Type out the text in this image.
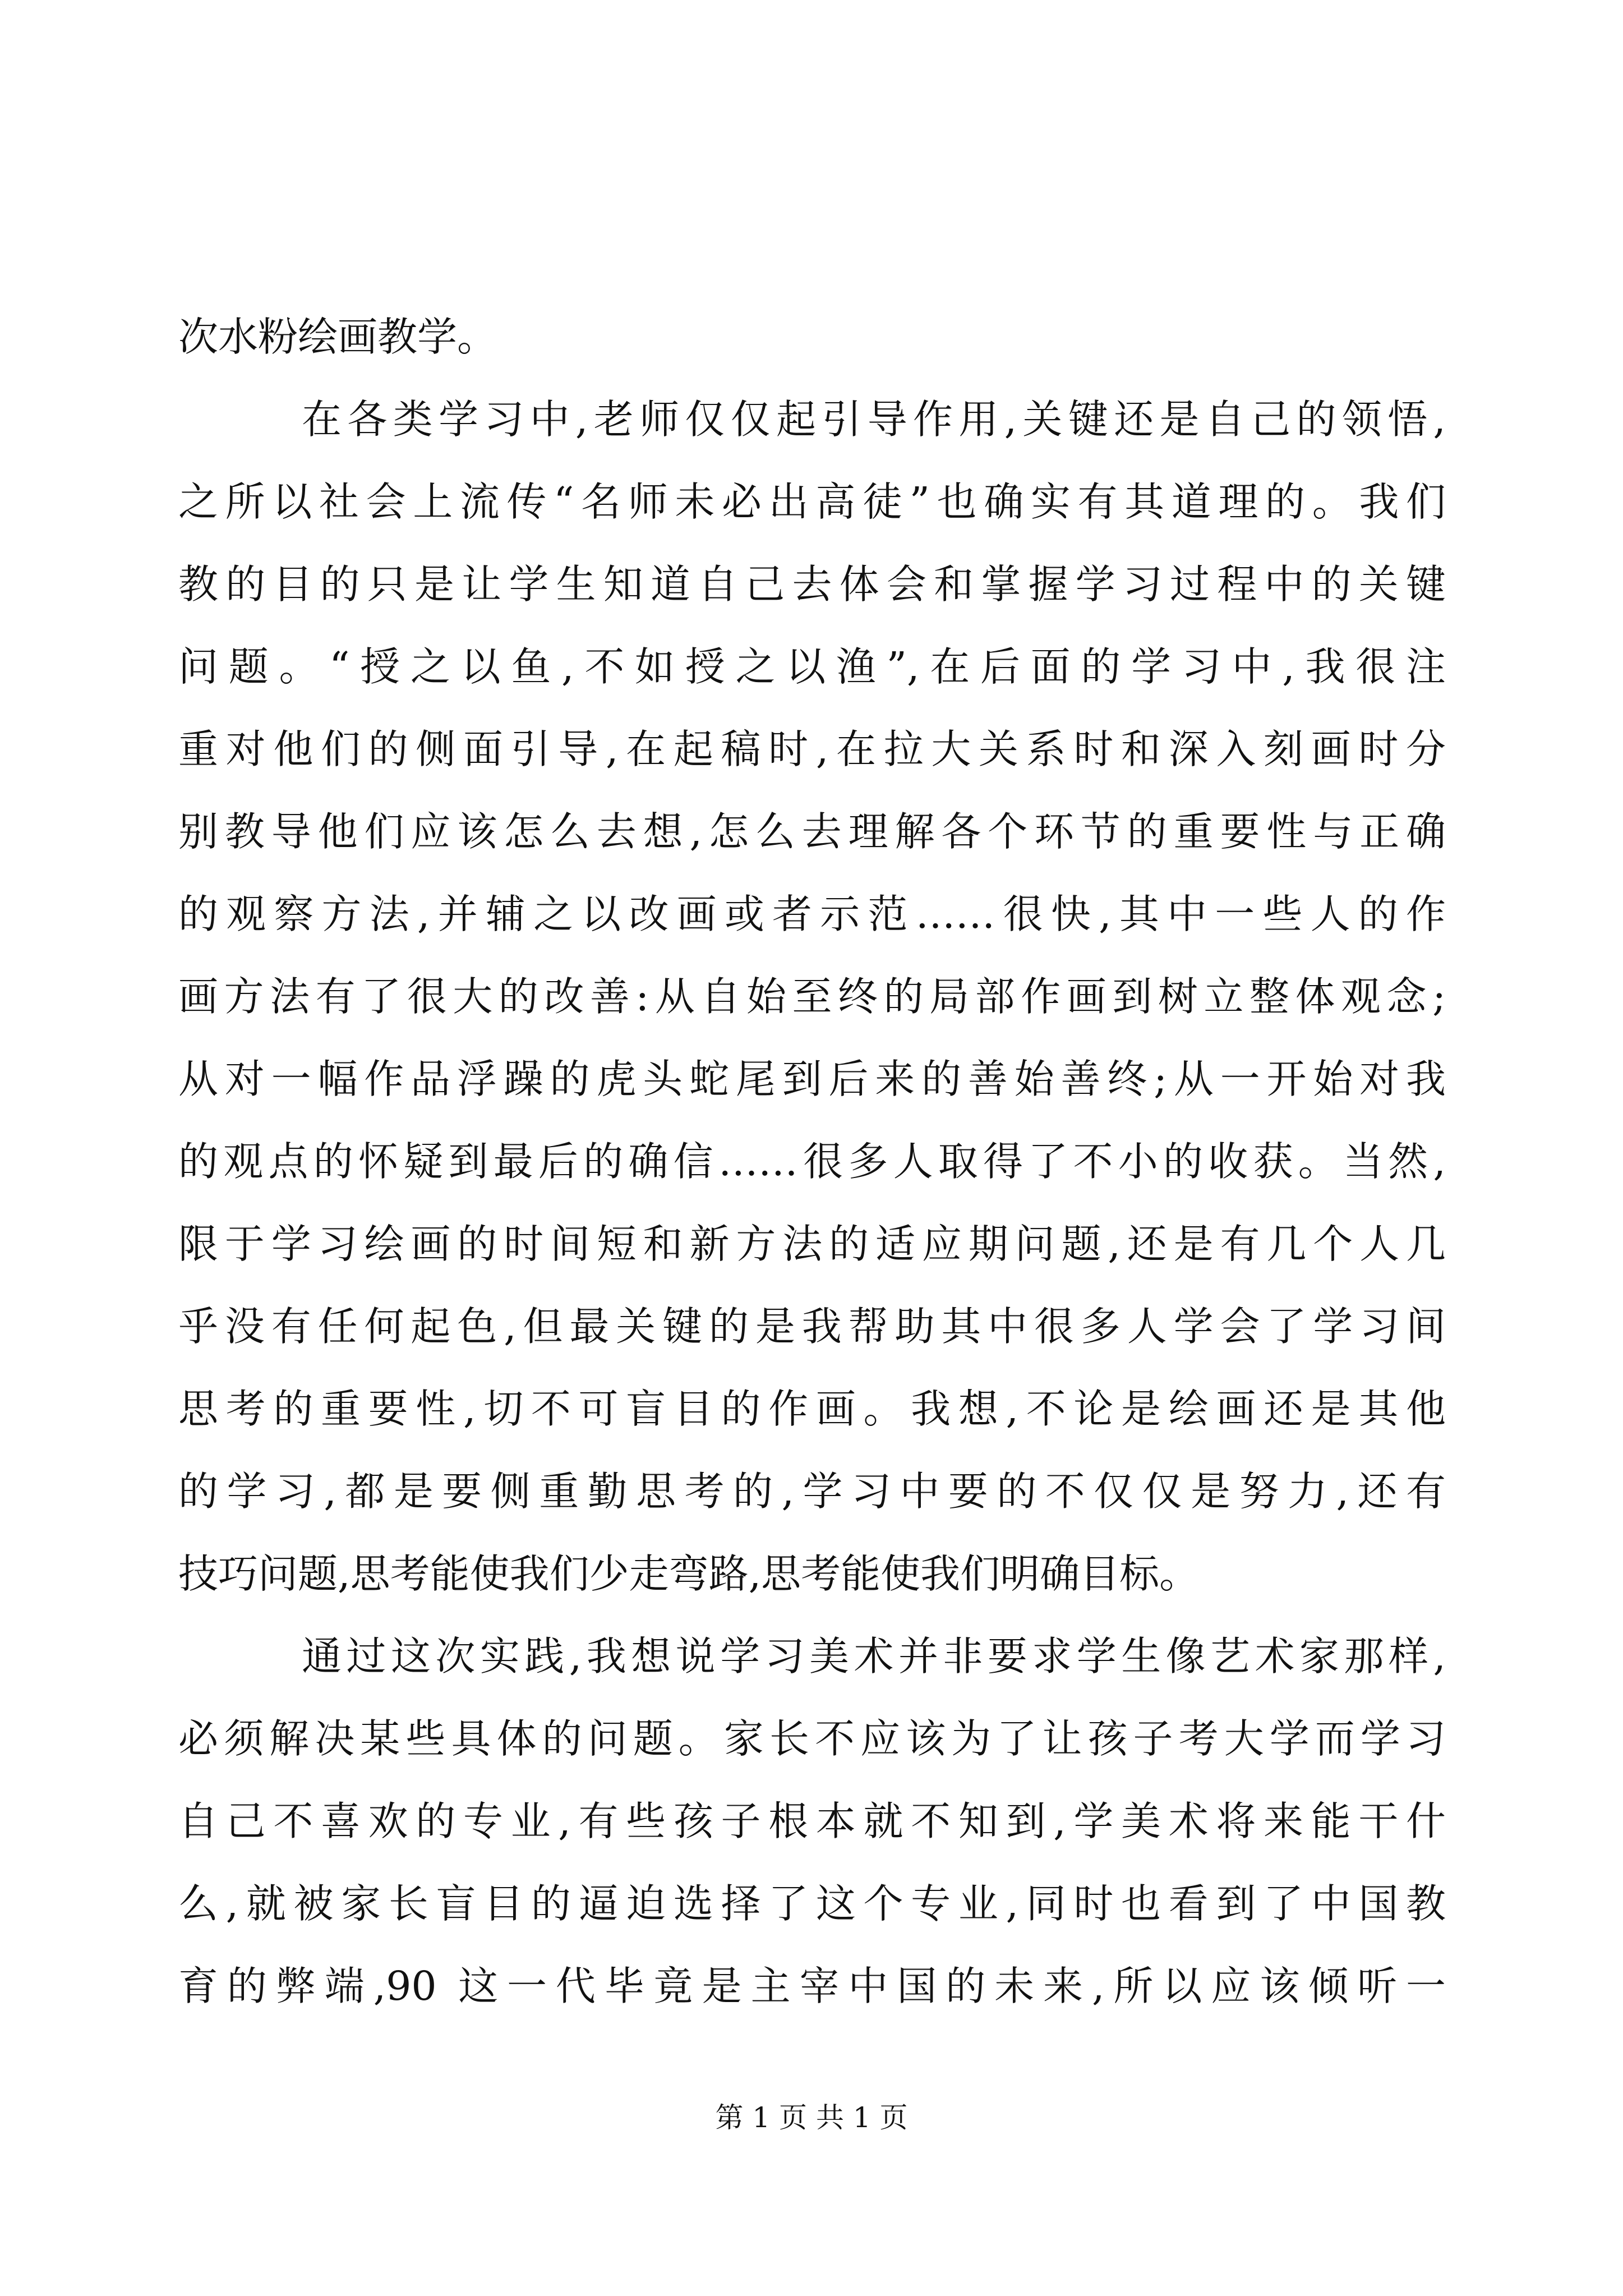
次水粉绘画教学。
在各类学习中,老师仅仅起引导作用,关键还是自己的领悟,
之所以社会上流传“名师未必出高徒”也确实有其道理的。我们
教的目的只是让学生知道自己去体会和掌握学习过程中的关键
问题。“授之以鱼,不如授之以渔”,在后面的学习中,我很注
重对他们的侧面引导,在起稿时,在拉大关系时和深入刻画时分
别教导他们应该怎么去想,怎么去理解各个环节的重要性与正确
的观察方法,并辅之以改画或者示范……很快,其中一些人的作
画方法有了很大的改善:从自始至终的局部作画到树立整体观念;
从对一幅作品浮躁的虎头蛇尾到后来的善始善终;从一开始对我
的观点的怀疑到最后的确信……很多人取得了不小的收获。当然,
限于学习绘画的时间短和新方法的适应期问题,还是有几个人几
乎没有任何起色,但最关键的是我帮助其中很多人学会了学习间
思考的重要性,切不可盲目的作画。我想,不论是绘画还是其他
的学习,都是要侧重勤思考的,学习中要的不仅仅是努力,还有
技巧问题,思考能使我们少走弯路,思考能使我们明确目标。
通过这次实践,我想说学习美术并非要求学生像艺术家那样,
必须解决某些具体的问题。家长不应该为了让孩子考大学而学习
自己不喜欢的专业,有些孩子根本就不知到,学美术将来能干什
么,就被家长盲目的逼迫选择了这个专业,同时也看到了中国教
育的弊端,90 这一代毕竟是主宰中国的未来,所以应该倾听一
第 1 页 共 1 页
